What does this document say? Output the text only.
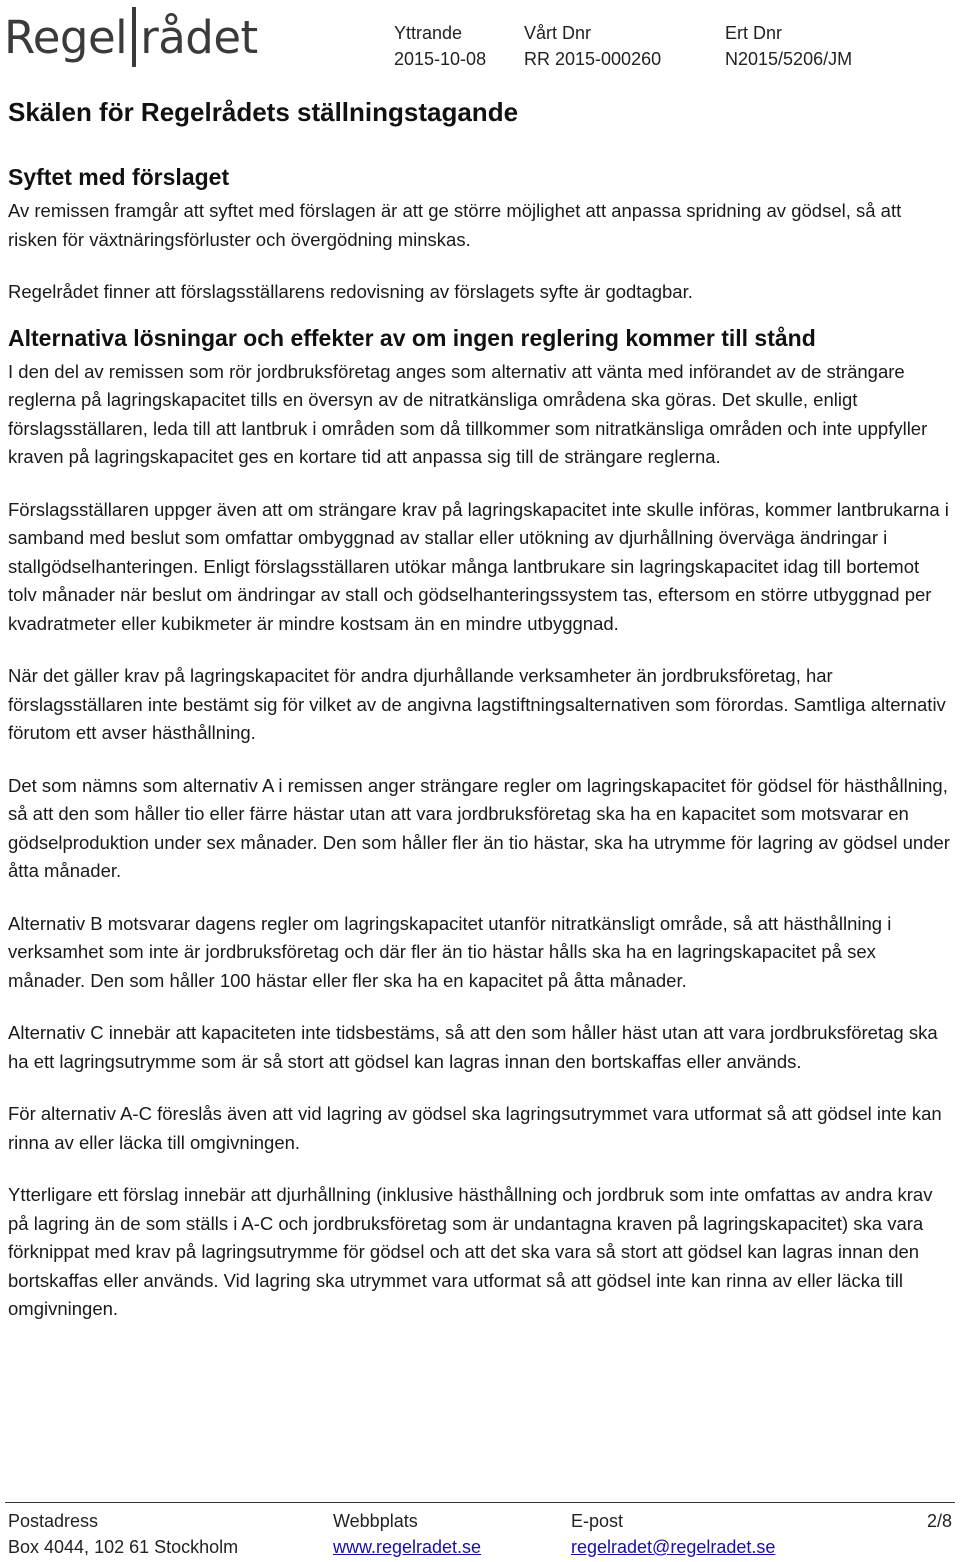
Regel rådet	Yttrande
2015-10-08
Vårt Dnr
RR 2015-000260
Ert Dnr
N2015/5206/JM
Skälen för Regelrådets ställningstagande
Syftet med förslaget

Av remissen framgår att syftet med förslagen är att ge större möjlighet att anpassa spridning av gödsel, så att risken för växtnäringsförluster och övergödning minskas.

Regelrådet finner att förslagsställarens redovisning av förslagets syfte är godtagbar.

Alternativa lösningar och effekter av om ingen reglering kommer till stånd

I den del av remissen som rör jordbruksföretag anges som alternativ att vänta med införandet av de strängare reglerna på lagringskapacitet tills en översyn av de nitratkänsliga områdena ska göras. Det skulle, enligt förslagsställaren, leda till att lantbruk i områden som då tillkommer som nitratkänsliga områden och inte uppfyller kraven på lagringskapacitet ges en kortare tid att anpassa sig till de strängare reglerna.

Förslagsställaren uppger även att om strängare krav på lagringskapacitet inte skulle införas, kommer lantbrukarna i samband med beslut som omfattar ombyggnad av stallar eller utökning av djurhållning överväga ändringar i stallgödselhanteringen. Enligt förslagsställaren utökar många lantbrukare sin lagringskapacitet idag till bortemot tolv månader när beslut om ändringar av stall och gödselhanteringssystem tas, eftersom en större utbyggnad per kvadratmeter eller kubikmeter är mindre kostsam än en mindre utbyggnad.

När det gäller krav på lagringskapacitet för andra djurhållande verksamheter än jordbruksföretag, har förslagsställaren inte bestämt sig för vilket av de angivna lagstiftningsalternativen som förordas. Samtliga alternativ förutom ett avser hästhållning.

Det som nämns som alternativ A i remissen anger strängare regler om lagringskapacitet för gödsel för hästhållning, så att den som håller tio eller färre hästar utan att vara jordbruksföretag ska ha en kapacitet som motsvarar en gödselproduktion under sex månader. Den som håller fler än tio hästar, ska ha utrymme för lagring av gödsel under åtta månader.

Alternativ B motsvarar dagens regler om lagringskapacitet utanför nitratkänsligt område, så att hästhållning i verksamhet som inte är jordbruksföretag och där fler än tio hästar hålls ska ha en lagringskapacitet på sex månader. Den som håller 100 hästar eller fler ska ha en kapacitet på åtta månader.

Alternativ C innebär att kapaciteten inte tidsbestäms, så att den som håller häst utan att vara jordbruksföretag ska ha ett lagringsutrymme som är så stort att gödsel kan lagras innan den bortskaffas eller används.

För alternativ A-C föreslås även att vid lagring av gödsel ska lagringsutrymmet vara utformat så att gödsel inte kan rinna av eller läcka till omgivningen.

Ytterligare ett förslag innebär att djurhållning (inklusive hästhållning och jordbruk som inte omfattas av andra krav på lagring än de som ställs i A-C och jordbruksföretag som är undantagna kraven på lagringskapacitet) ska vara förknippat med krav på lagringsutrymme för gödsel och att det ska vara så stort att gödsel kan lagras innan den bortskaffas eller används. Vid lagring ska utrymmet vara utformat så att gödsel inte kan rinna av eller läcka till omgivningen.

Postadress
Box 4044, 102 61 Stockholm
Webbplats
www.regelradet.se
E-post
regelradet@regelradet.se
2/8
